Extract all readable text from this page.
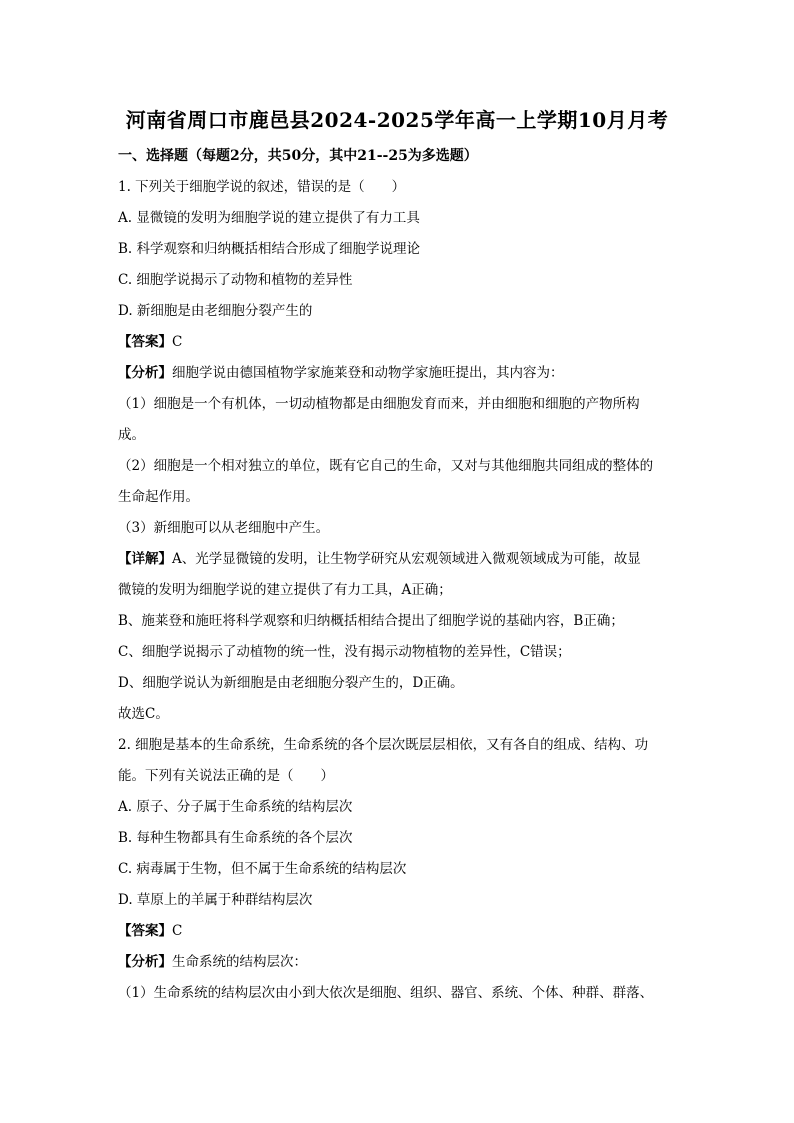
河南省周口市鹿邑县2024-2025学年高一上学期10月月考
一、选择题（每题2分，共50分，其中21--25为多选题）
1. 下列关于细胞学说的叙述，错误的是（　　）
A. 显微镜的发明为细胞学说的建立提供了有力工具
B. 科学观察和归纳概括相结合形成了细胞学说理论
C. 细胞学说揭示了动物和植物的差异性
D. 新细胞是由老细胞分裂产生的
【答案】C
【分析】细胞学说由德国植物学家施莱登和动物学家施旺提出，其内容为：
（1）细胞是一个有机体，一切动植物都是由细胞发育而来，并由细胞和细胞的产物所构
成。
（2）细胞是一个相对独立的单位，既有它自己的生命，又对与其他细胞共同组成的整体的
生命起作用。
（3）新细胞可以从老细胞中产生。
【详解】A、光学显微镜的发明，让生物学研究从宏观领域进入微观领域成为可能，故显
微镜的发明为细胞学说的建立提供了有力工具，A正确；
B、施莱登和施旺将科学观察和归纳概括相结合提出了细胞学说的基础内容，B正确；
C、细胞学说揭示了动植物的统一性，没有揭示动物植物的差异性，C错误；
D、细胞学说认为新细胞是由老细胞分裂产生的，D正确。
故选C。
2. 细胞是基本的生命系统，生命系统的各个层次既层层相依，又有各自的组成、结构、功
能。下列有关说法正确的是（　　）
A. 原子、分子属于生命系统的结构层次
B. 每种生物都具有生命系统的各个层次
C. 病毒属于生物，但不属于生命系统的结构层次
D. 草原上的羊属于种群结构层次
【答案】C
【分析】生命系统的结构层次：
（1）生命系统的结构层次由小到大依次是细胞、组织、器官、系统、个体、种群、群落、
